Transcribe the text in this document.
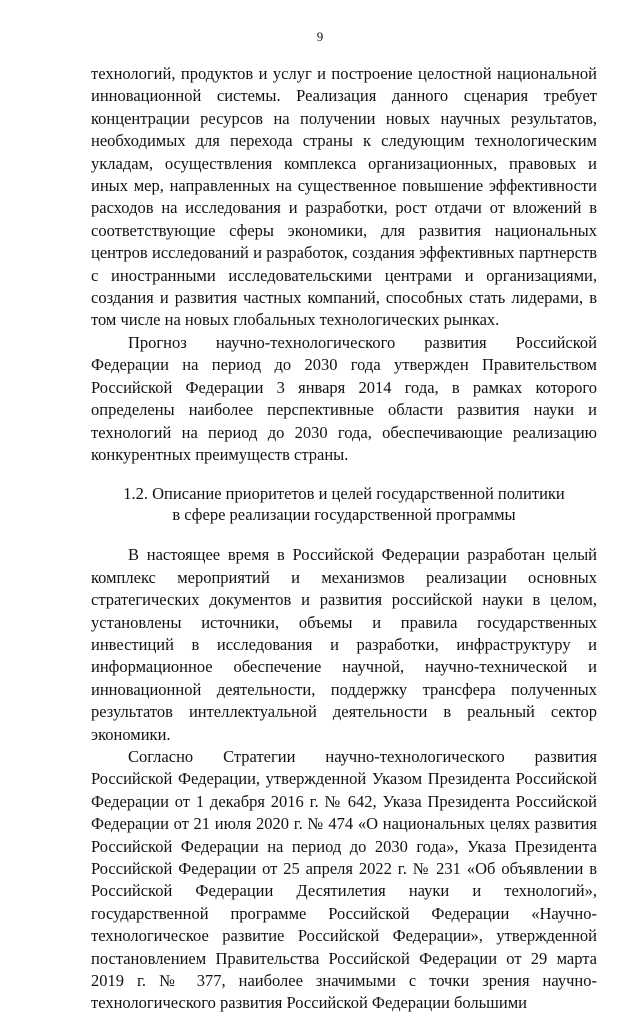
9

технологий, продуктов и услуг и построение целостной национальной инновационной системы. Реализация данного сценария требует концентрации ресурсов на получении новых научных результатов, необходимых для перехода страны к следующим технологическим укладам, осуществления комплекса организационных, правовых и иных мер, направленных на существенное повышение эффективности расходов на исследования и разработки, рост отдачи от вложений в соответствующие сферы экономики, для развития национальных центров исследований и разработок, создания эффективных партнерств с иностранными исследовательскими центрами и организациями, создания и развития частных компаний, способных стать лидерами, в том числе на новых глобальных технологических рынках.

Прогноз научно-технологического развития Российской Федерации на период до 2030 года утвержден Правительством Российской Федерации 3 января 2014 года, в рамках которого определены наиболее перспективные области развития науки и технологий на период до 2030 года, обеспечивающие реализацию конкурентных преимуществ страны.

1.2. Описание приоритетов и целей государственной политики
в сфере реализации государственной программы

В настоящее время в Российской Федерации разработан целый комплекс мероприятий и механизмов реализации основных стратегических документов и развития российской науки в целом, установлены источники, объемы и правила государственных инвестиций в исследования и разработки, инфраструктуру и информационное обеспечение научной, научно-технической и инновационной деятельности, поддержку трансфера полученных результатов интеллектуальной деятельности в реальный сектор экономики.

Согласно Стратегии научно-технологического развития Российской Федерации, утвержденной Указом Президента Российской Федерации от 1 декабря 2016 г. № 642, Указа Президента Российской Федерации от 21 июля 2020 г. № 474 «О национальных целях развития Российской Федерации на период до 2030 года», Указа Президента Российской Федерации от 25 апреля 2022 г. № 231 «Об объявлении в Российской Федерации Десятилетия науки и технологий», государственной программе Российской Федерации «Научно-технологическое развитие Российской Федерации», утвержденной постановлением Правительства Российской Федерации от 29 марта 2019 г. № 377, наиболее значимыми с точки зрения научно-технологического развития Российской Федерации большими
